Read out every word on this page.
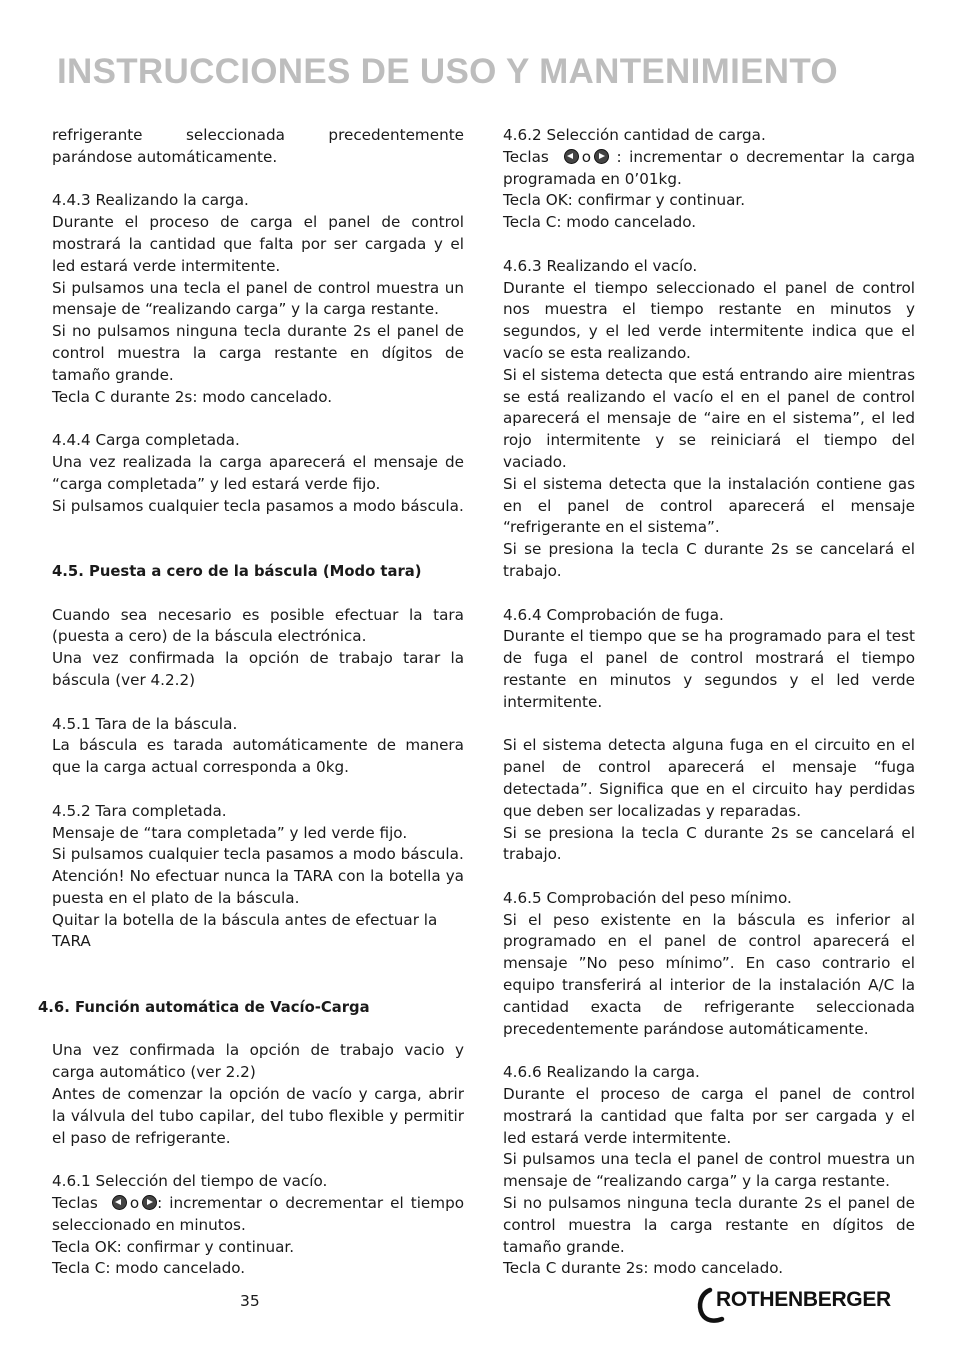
INSTRUCCIONES DE USO Y MANTENIMIENTO

refrigerante seleccionada precedentemente parándose automáticamente.

4.4.3 Realizando la carga.

Durante el proceso de carga el panel de control mostrará la cantidad que falta por ser cargada y el led estará verde intermitente.

Si pulsamos una tecla el panel de control muestra un mensaje de “realizando carga” y la carga restante.

Si no pulsamos ninguna tecla durante 2s el panel de control muestra la carga restante en dígitos de tamaño grande.

Tecla C durante 2s: modo cancelado.

4.4.4 Carga completada.

Una vez realizada la carga aparecerá el mensaje de “carga completada” y led estará verde fijo.

Si pulsamos cualquier tecla pasamos a modo báscula.

4.5. Puesta a cero de la báscula (Modo tara)

Cuando sea necesario es posible efectuar la tara (puesta a cero) de la báscula electrónica.

Una vez confirmada la opción de trabajo tarar la báscula (ver 4.2.2)

4.5.1 Tara de la báscula.

La báscula es tarada automáticamente de manera que la carga actual corresponda a 0kg.

4.5.2 Tara completada.

Mensaje de “tara completada” y led verde fijo.

Si pulsamos cualquier tecla pasamos a modo báscula.

Atención! No efectuar nunca la TARA con la botella ya puesta en el plato de la báscula.

Quitar la botella de la báscula antes de efectuar la TARA

4.6. Función automática de Vacío-Carga

Una vez confirmada la opción de trabajo vacio y carga automático (ver 2.2)

Antes de comenzar la opción de vacío y carga, abrir la válvula del tubo capilar, del tubo flexible y permitir el paso de refrigerante.

4.6.1 Selección del tiempo de vacío.

Teclas o : incrementar o decrementar el tiempo seleccionado en minutos.

Tecla OK: confirmar y continuar.

Tecla C: modo cancelado.

4.6.2 Selección cantidad de carga.

Teclas o : incrementar o decrementar la carga programada en 0’01kg.

Tecla OK: confirmar y continuar.

Tecla C: modo cancelado.

4.6.3 Realizando el vacío.

Durante el tiempo seleccionado el panel de control nos muestra el tiempo restante en minutos y segundos, y el led verde intermitente indica que el vacío se esta realizando.

Si el sistema detecta que está entrando aire mientras se está realizando el vacío el en el panel de control aparecerá el mensaje de “aire en el sistema”, el led rojo intermitente y se reiniciará el tiempo del vaciado.

Si el sistema detecta que la instalación contiene gas en el panel de control aparecerá el mensaje “refrigerante en el sistema”.

Si se presiona la tecla C durante 2s se cancelará el trabajo.

4.6.4 Comprobación de fuga.

Durante el tiempo que se ha programado para el test de fuga el panel de control mostrará el tiempo restante en minutos y segundos y el led verde intermitente.

Si el sistema detecta alguna fuga en el circuito en el panel de control aparecerá el mensaje “fuga detectada”. Significa que en el circuito hay perdidas que deben ser localizadas y reparadas.

Si se presiona la tecla C durante 2s se cancelará el trabajo.

4.6.5 Comprobación del peso mínimo.

Si el peso existente en la báscula es inferior al programado en el panel de control aparecerá el mensaje ”No peso mínimo”. En caso contrario el equipo transferirá al interior de la instalación A/C la cantidad exacta de refrigerante seleccionada precedentemente parándose automáticamente.

4.6.6 Realizando la carga.

Durante el proceso de carga el panel de control mostrará la cantidad que falta por ser cargada y el led estará verde intermitente.

Si pulsamos una tecla el panel de control muestra un mensaje de “realizando carga” y la carga restante.

Si no pulsamos ninguna tecla durante 2s el panel de control muestra la carga restante en dígitos de tamaño grande.

Tecla C durante 2s: modo cancelado.

35	ROTHENBERGER
